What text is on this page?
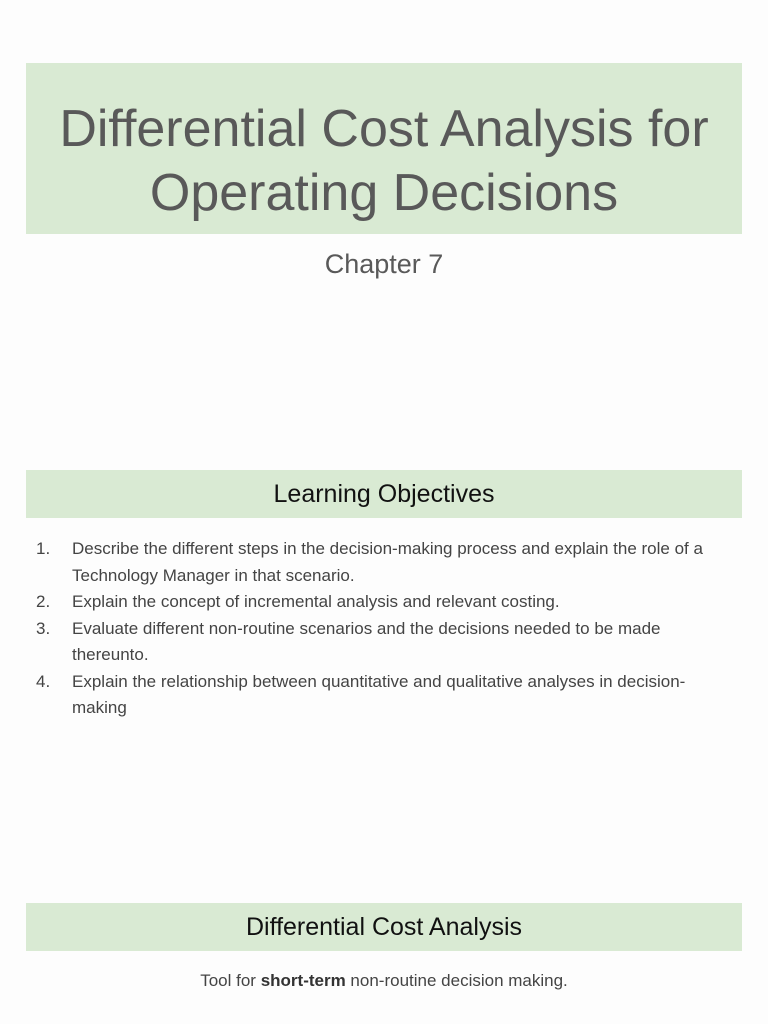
Differential Cost Analysis for Operating Decisions
Chapter 7
Learning Objectives
1.	Describe the different steps in the decision-making process and explain the role of a Technology Manager in that scenario.
2.	Explain the concept of incremental analysis and relevant costing.
3.	Evaluate different non-routine scenarios and the decisions needed to be made thereunto.
4.	Explain the relationship between quantitative and qualitative analyses in decision-making
Differential Cost Analysis
Tool for short-term non-routine decision making.
